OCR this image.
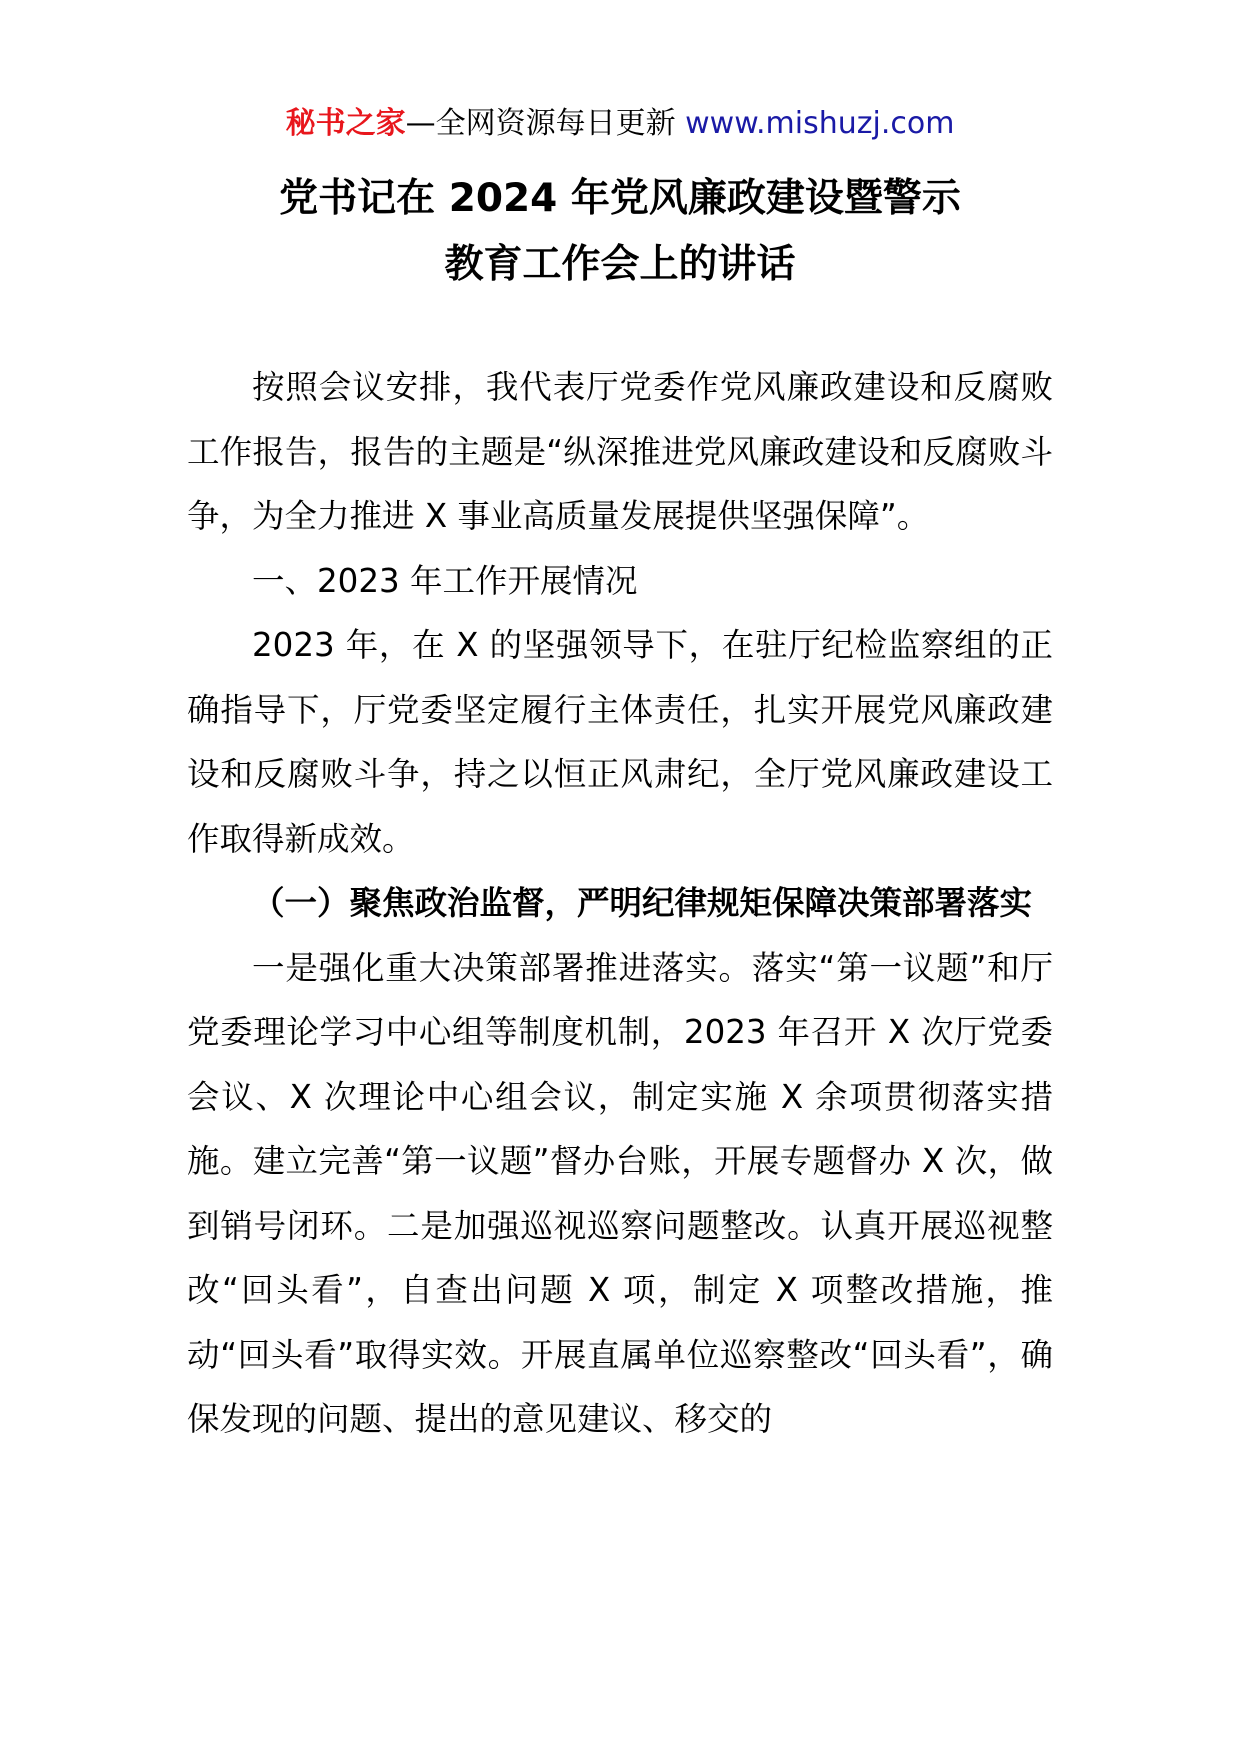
秘书之家—全网资源每日更新 www.mishuzj.com
党书记在 2024 年党风廉政建设暨警示
教育工作会上的讲话

按照会议安排，我代表厅党委作党风廉政建设和反腐败工作报告，报告的主题是“纵深推进党风廉政建设和反腐败斗争，为全力推进 X 事业高质量发展提供坚强保障”。

一、2023 年工作开展情况

2023 年，在 X 的坚强领导下，在驻厅纪检监察组的正确指导下，厅党委坚定履行主体责任，扎实开展党风廉政建设和反腐败斗争，持之以恒正风肃纪，全厅党风廉政建设工作取得新成效。

（一）聚焦政治监督，严明纪律规矩保障决策部署落实

一是强化重大决策部署推进落实。落实“第一议题”和厅党委理论学习中心组等制度机制，2023 年召开 X 次厅党委会议、X 次理论中心组会议，制定实施 X 余项贯彻落实措施。建立完善“第一议题”督办台账，开展专题督办 X 次，做到销号闭环。二是加强巡视巡察问题整改。认真开展巡视整改“回头看”，自查出问题 X 项，制定 X 项整改措施，推动“回头看”取得实效。开展直属单位巡察整改“回头看”，确保发现的问题、提出的意见建议、移交的
